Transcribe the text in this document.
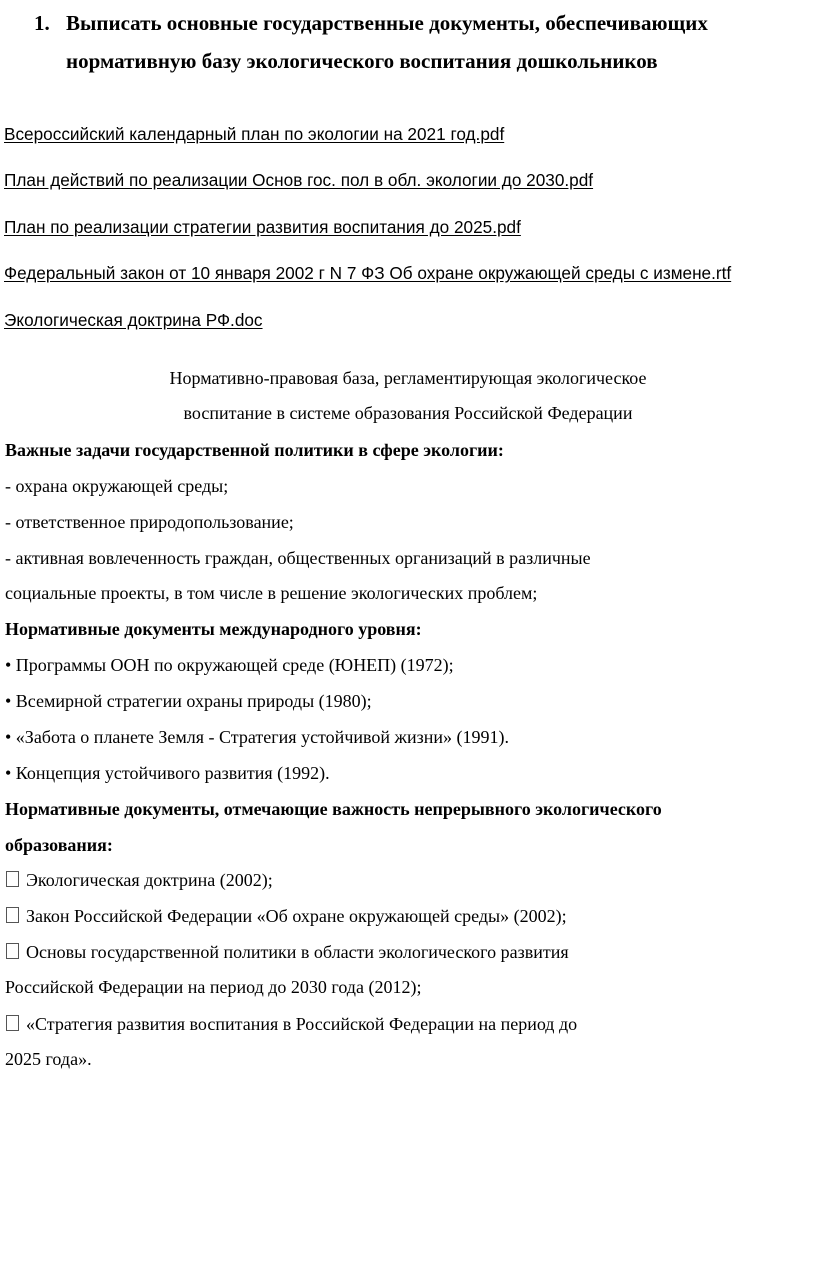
1. Выписать основные государственные документы, обеспечивающих
нормативную базу экологического воспитания дошкольников
Всероссийский календарный план по экологии на 2021 год.pdf
План действий по реализации Основ гос. пол в обл. экологии до 2030.pdf
План по реализации стратегии развития воспитания до 2025.pdf
Федеральный закон от 10 января 2002 г N 7 ФЗ Об охране окружающей среды с измене.rtf
Экологическая доктрина РФ.doc
Нормативно-правовая база, регламентирующая экологическое
воспитание в системе образования Российской Федерации
Важные задачи государственной политики в сфере экологии:
- охрана окружающей среды;
- ответственное природопользование;
- активная вовлеченность граждан, общественных организаций в различные
социальные проекты, в том числе в решение экологических проблем;
Нормативные документы международного уровня:
• Программы ООН по окружающей среде (ЮНЕП) (1972);
• Всемирной стратегии охраны природы (1980);
• «Забота о планете Земля - Стратегия устойчивой жизни» (1991).
• Концепция устойчивого развития (1992).
Нормативные документы, отмечающие важность непрерывного экологического
образования:
Экологическая доктрина (2002);
Закон Российской Федерации «Об охране окружающей среды» (2002);
Основы государственной политики в области экологического развития
Российской Федерации на период до 2030 года (2012);
«Стратегия развития воспитания в Российской Федерации на период до
2025 года».
